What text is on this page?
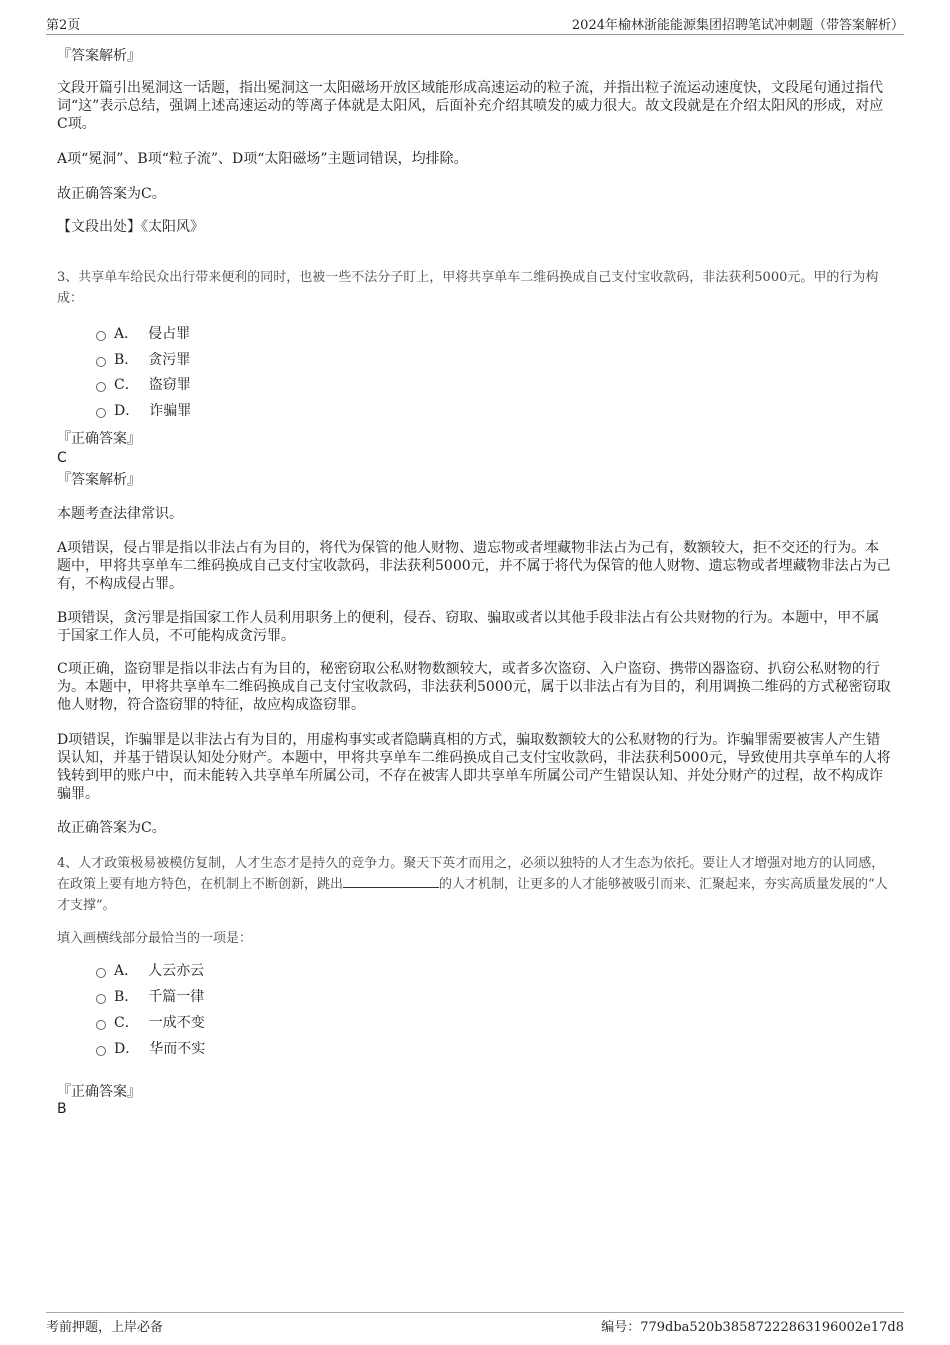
第2页	2024年榆林浙能能源集团招聘笔试冲刺题（带答案解析）
『答案解析』
文段开篇引出冕洞这一话题，指出冕洞这一太阳磁场开放区域能形成高速运动的粒子流，并指出粒子流运动速度快，文段尾句通过指代词“这”表示总结，强调上述高速运动的等离子体就是太阳风，后面补充介绍其喷发的威力很大。故文段就是在介绍太阳风的形成，对应C项。
A项“冕洞”、B项“粒子流”、D项“太阳磁场”主题词错误，均排除。
故正确答案为C。
【文段出处】《太阳风》
3、共享单车给民众出行带来便利的同时，也被一些不法分子盯上，甲将共享单车二维码换成自己支付宝收款码，非法获利5000元。甲的行为构成：
A． 侵占罪
B． 贪污罪
C． 盗窃罪
D． 诈骗罪
『正确答案』
C
『答案解析』
本题考查法律常识。
A项错误，侵占罪是指以非法占有为目的，将代为保管的他人财物、遗忘物或者埋藏物非法占为己有，数额较大，拒不交还的行为。本题中，甲将共享单车二维码换成自己支付宝收款码，非法获利5000元，并不属于将代为保管的他人财物、遗忘物或者埋藏物非法占为己有，不构成侵占罪。
B项错误，贪污罪是指国家工作人员利用职务上的便利，侵吞、窃取、骗取或者以其他手段非法占有公共财物的行为。本题中，甲不属于国家工作人员，不可能构成贪污罪。
C项正确，盗窃罪是指以非法占有为目的，秘密窃取公私财物数额较大，或者多次盗窃、入户盗窃、携带凶器盗窃、扒窃公私财物的行为。本题中，甲将共享单车二维码换成自己支付宝收款码，非法获利5000元，属于以非法占有为目的，利用调换二维码的方式秘密窃取他人财物，符合盗窃罪的特征，故应构成盗窃罪。
D项错误，诈骗罪是以非法占有为目的，用虚构事实或者隐瞒真相的方式，骗取数额较大的公私财物的行为。诈骗罪需要被害人产生错误认知，并基于错误认知处分财产。本题中，甲将共享单车二维码换成自己支付宝收款码，非法获利5000元，导致使用共享单车的人将钱转到甲的账户中，而未能转入共享单车所属公司，不存在被害人即共享单车所属公司产生错误认知、并处分财产的过程，故不构成诈骗罪。
故正确答案为C。
4、人才政策极易被模仿复制，人才生态才是持久的竞争力。聚天下英才而用之，必须以独特的人才生态为依托。要让人才增强对地方的认同感，在政策上要有地方特色，在机制上不断创新，跳出	的人才机制，让更多的人才能够被吸引而来、汇聚起来，夯实高质量发展的“人才支撑”。
填入画横线部分最恰当的一项是：
A． 人云亦云
B． 千篇一律
C． 一成不变
D． 华而不实
『正确答案』
B
考前押题，上岸必备	编号：779dba520b38587222863196002e17d8
